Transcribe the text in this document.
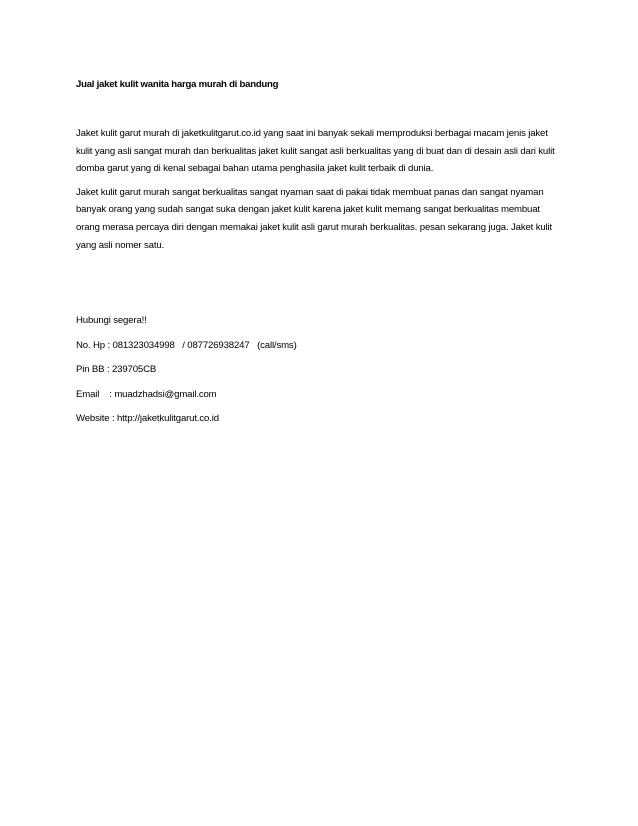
Jual jaket kulit wanita harga murah di bandung

Jaket kulit garut murah di jaketkulitgarut.co.id yang saat ini banyak sekali memproduksi berbagai macam jenis jaket kulit yang asli sangat murah dan berkualitas jaket kulit sangat asli berkualitas yang di buat dan di desain asli dari kulit domba garut yang di kenal sebagai bahan utama penghasila jaket kulit terbaik di dunia.

Jaket kulit garut murah sangat berkualitas sangat nyaman saat di pakai tidak membuat panas dan sangat nyaman banyak orang yang sudah sangat suka dengan jaket kulit karena jaket kulit memang sangat berkualitas membuat orang merasa percaya diri dengan memakai jaket kulit asli garut murah berkualitas. pesan sekarang juga. Jaket kulit yang asli nomer satu.

Hubungi segera!!

No. Hp : 081323034998   / 087726938247   (call/sms)

Pin BB : 239705CB

Email    : muadzhadsi@gmail.com

Website : http://jaketkulitgarut.co.id
